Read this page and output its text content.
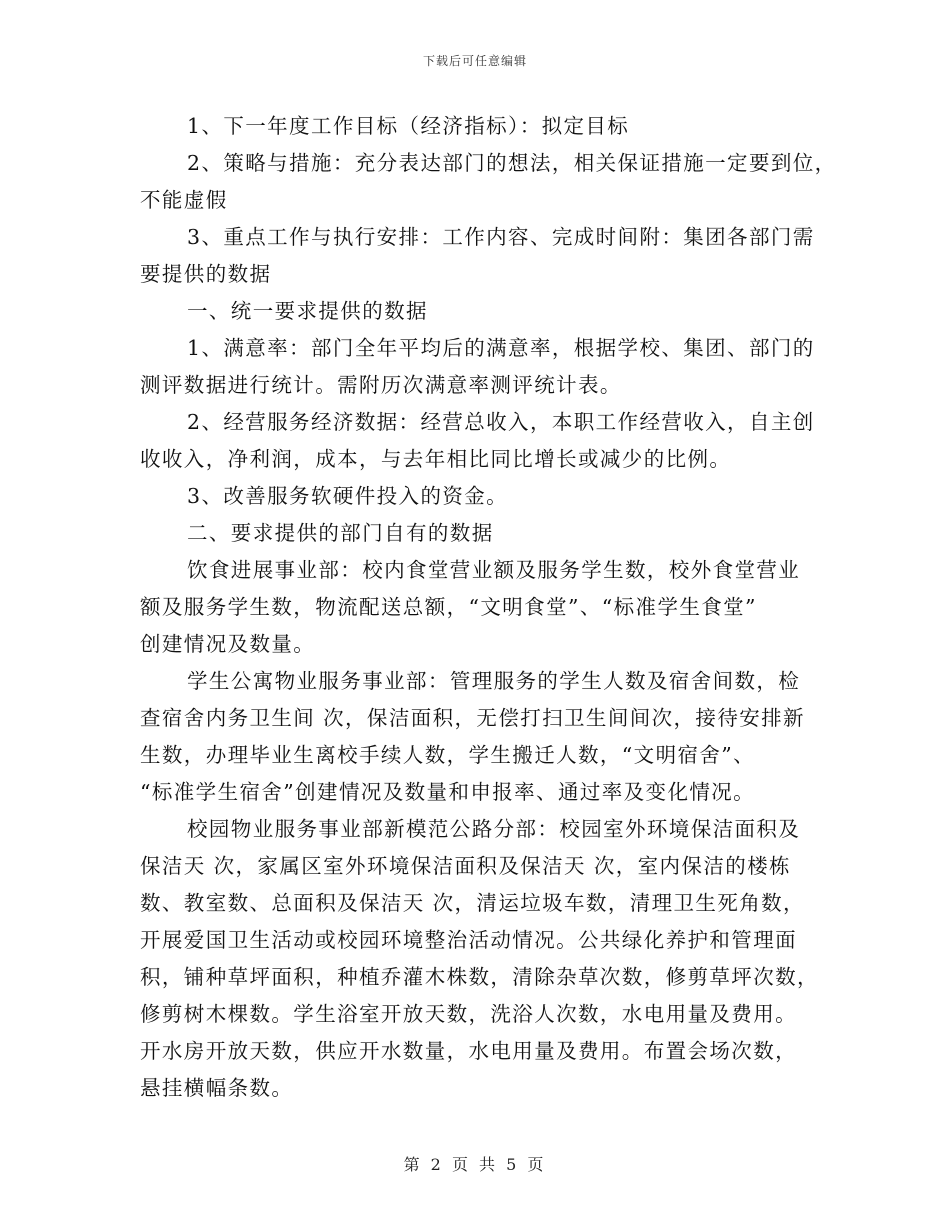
下载后可任意编辑
1、下一年度工作目标（经济指标）：拟定目标
2、策略与措施：充分表达部门的想法，相关保证措施一定要到位，
不能虚假
3、重点工作与执行安排：工作内容、完成时间附：集团各部门需
要提供的数据
一、统一要求提供的数据
1、满意率：部门全年平均后的满意率，根据学校、集团、部门的
测评数据进行统计。需附历次满意率测评统计表。
2、经营服务经济数据：经营总收入，本职工作经营收入，自主创
收收入，净利润，成本，与去年相比同比增长或减少的比例。
3、改善服务软硬件投入的资金。
二、要求提供的部门自有的数据
饮食进展事业部：校内食堂营业额及服务学生数，校外食堂营业
额及服务学生数，物流配送总额，“文明食堂”、“标准学生食堂”
创建情况及数量。
学生公寓物业服务事业部：管理服务的学生人数及宿舍间数，检
查宿舍内务卫生间 次，保洁面积，无偿打扫卫生间间次，接待安排新
生数，办理毕业生离校手续人数，学生搬迁人数，“文明宿舍”、
“标准学生宿舍”创建情况及数量和申报率、通过率及变化情况。
校园物业服务事业部新模范公路分部：校园室外环境保洁面积及
保洁天 次，家属区室外环境保洁面积及保洁天 次，室内保洁的楼栋
数、教室数、总面积及保洁天 次，清运垃圾车数，清理卫生死角数，
开展爱国卫生活动或校园环境整治活动情况。公共绿化养护和管理面
积，铺种草坪面积，种植乔灌木株数，清除杂草次数，修剪草坪次数，
修剪树木棵数。学生浴室开放天数，洗浴人次数，水电用量及费用。
开水房开放天数，供应开水数量，水电用量及费用。布置会场次数，
悬挂横幅条数。
第 2 页 共 5 页
